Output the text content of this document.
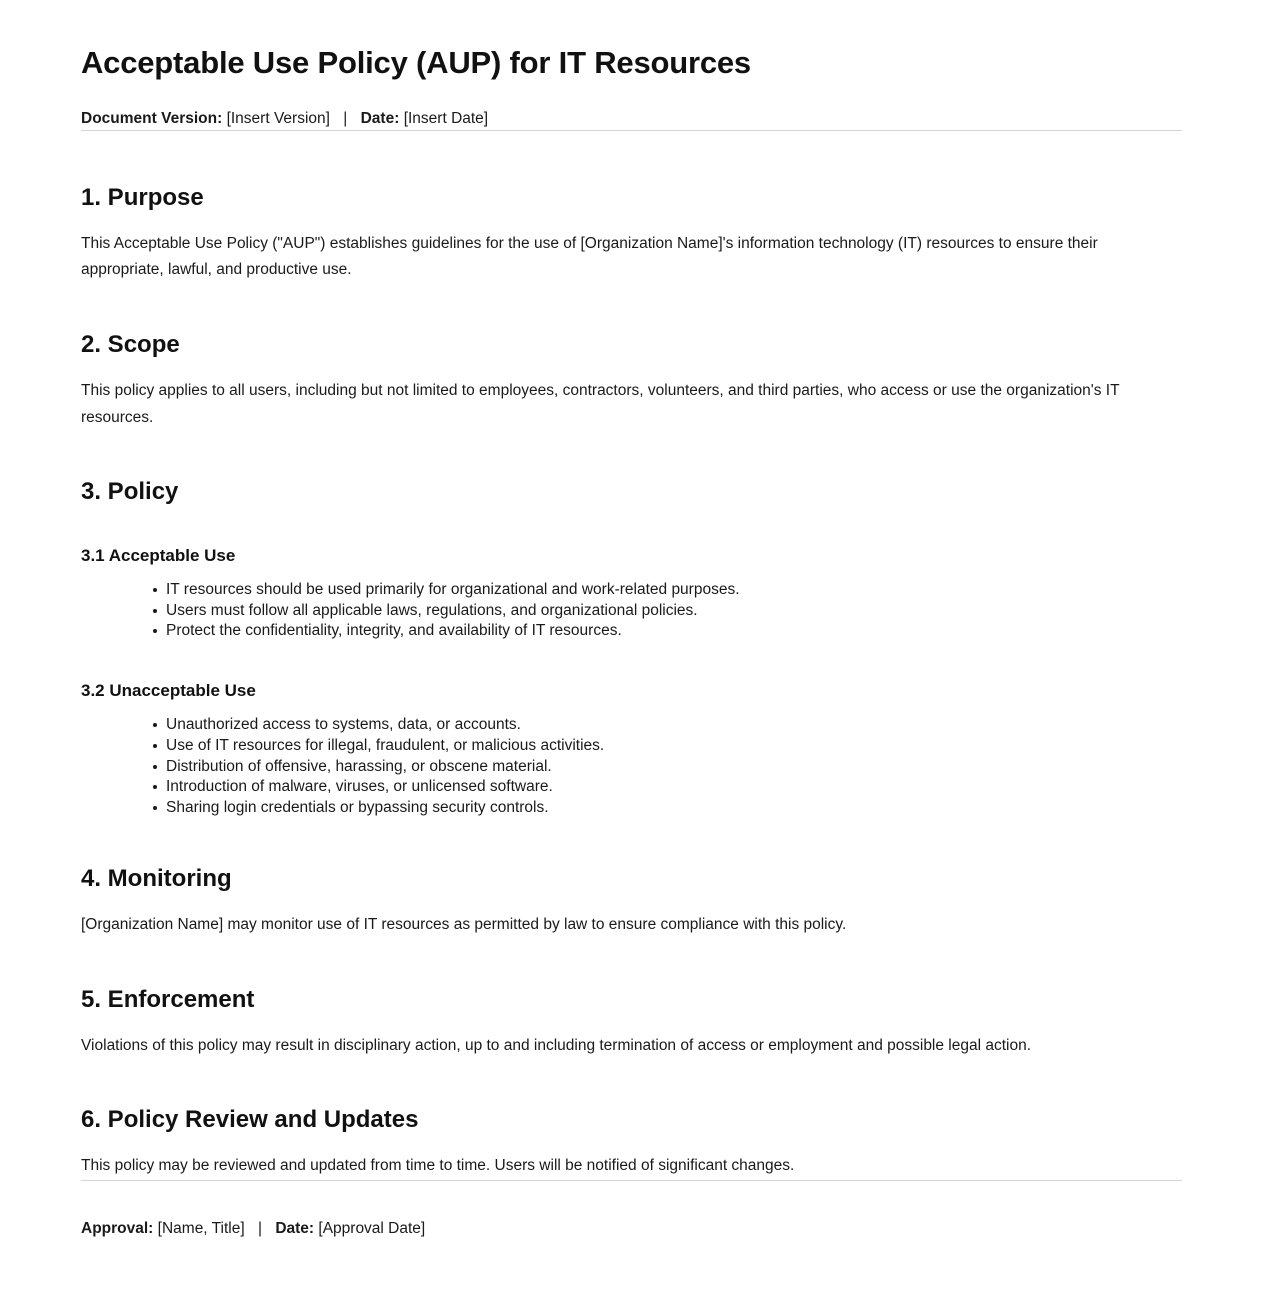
Acceptable Use Policy (AUP) for IT Resources
Document Version: [Insert Version] | Date: [Insert Date]
1. Purpose

This Acceptable Use Policy ("AUP") establishes guidelines for the use of [Organization Name]'s information technology (IT) resources to ensure their appropriate, lawful, and productive use.

2. Scope

This policy applies to all users, including but not limited to employees, contractors, volunteers, and third parties, who access or use the organization's IT resources.

3. Policy
3.1 Acceptable Use
IT resources should be used primarily for organizational and work-related purposes.
Users must follow all applicable laws, regulations, and organizational policies.
Protect the confidentiality, integrity, and availability of IT resources.
3.2 Unacceptable Use
Unauthorized access to systems, data, or accounts.
Use of IT resources for illegal, fraudulent, or malicious activities.
Distribution of offensive, harassing, or obscene material.
Introduction of malware, viruses, or unlicensed software.
Sharing login credentials or bypassing security controls.
4. Monitoring

[Organization Name] may monitor use of IT resources as permitted by law to ensure compliance with this policy.

5. Enforcement

Violations of this policy may result in disciplinary action, up to and including termination of access or employment and possible legal action.

6. Policy Review and Updates

This policy may be reviewed and updated from time to time. Users will be notified of significant changes.

Approval: [Name, Title] | Date: [Approval Date]
